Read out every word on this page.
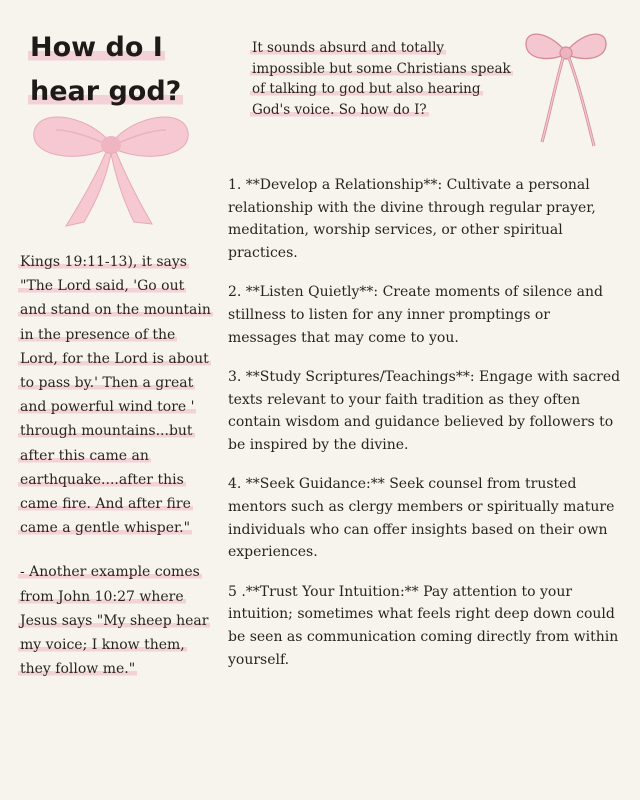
How do I hear god?

It sounds absurd and totally impossible but some Christians speak of talking to god but also hearing God's voice. So how do I?

Kings 19:11-13), it says "The Lord said, 'Go out and stand on the mountain in the presence of the Lord, for the Lord is about to pass by.' Then a great and powerful wind tore ' through mountains...but after this came an earthquake....after this came fire. And after fire came a gentle whisper."

- Another example comes from John 10:27 where Jesus says "My sheep hear my voice; I know them, they follow me."

1. **Develop a Relationship**: Cultivate a personal relationship with the divine through regular prayer, meditation, worship services, or other spiritual practices.

2. **Listen Quietly**: Create moments of silence and stillness to listen for any inner promptings or messages that may come to you.

3. **Study Scriptures/Teachings**: Engage with sacred texts relevant to your faith tradition as they often contain wisdom and guidance believed by followers to be inspired by the divine.

4. **Seek Guidance:** Seek counsel from trusted mentors such as clergy members or spiritually mature individuals who can offer insights based on their own experiences.

5 .**Trust Your Intuition:** Pay attention to your intuition; sometimes what feels right deep down could be seen as communication coming directly from within yourself.
